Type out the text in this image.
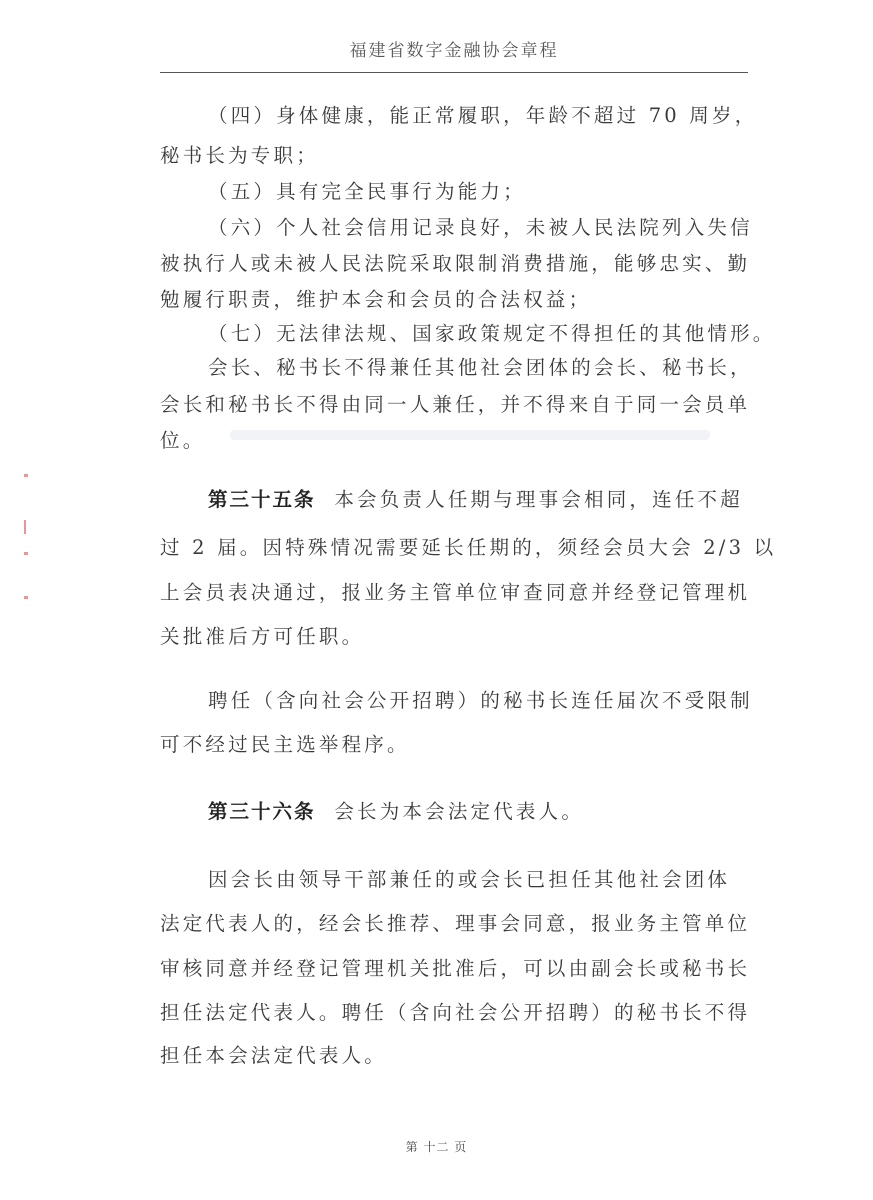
福建省数字金融协会章程
（四）身体健康，能正常履职，年龄不超过 70 周岁，
秘书长为专职；
（五）具有完全民事行为能力；
（六）个人社会信用记录良好，未被人民法院列入失信
被执行人或未被人民法院采取限制消费措施，能够忠实、勤
勉履行职责，维护本会和会员的合法权益；
（七）无法律法规、国家政策规定不得担任的其他情形。
会长、秘书长不得兼任其他社会团体的会长、秘书长，
会长和秘书长不得由同一人兼任，并不得来自于同一会员单
位。
第三十五条 本会负责人任期与理事会相同，连任不超
过 2 届。因特殊情况需要延长任期的，须经会员大会 2/3 以
上会员表决通过，报业务主管单位审查同意并经登记管理机
关批准后方可任职。
聘任（含向社会公开招聘）的秘书长连任届次不受限制
可不经过民主选举程序。
第三十六条 会长为本会法定代表人。
因会长由领导干部兼任的或会长已担任其他社会团体
法定代表人的，经会长推荐、理事会同意，报业务主管单位
审核同意并经登记管理机关批准后，可以由副会长或秘书长
担任法定代表人。聘任（含向社会公开招聘）的秘书长不得
担任本会法定代表人。
第 十二 页
